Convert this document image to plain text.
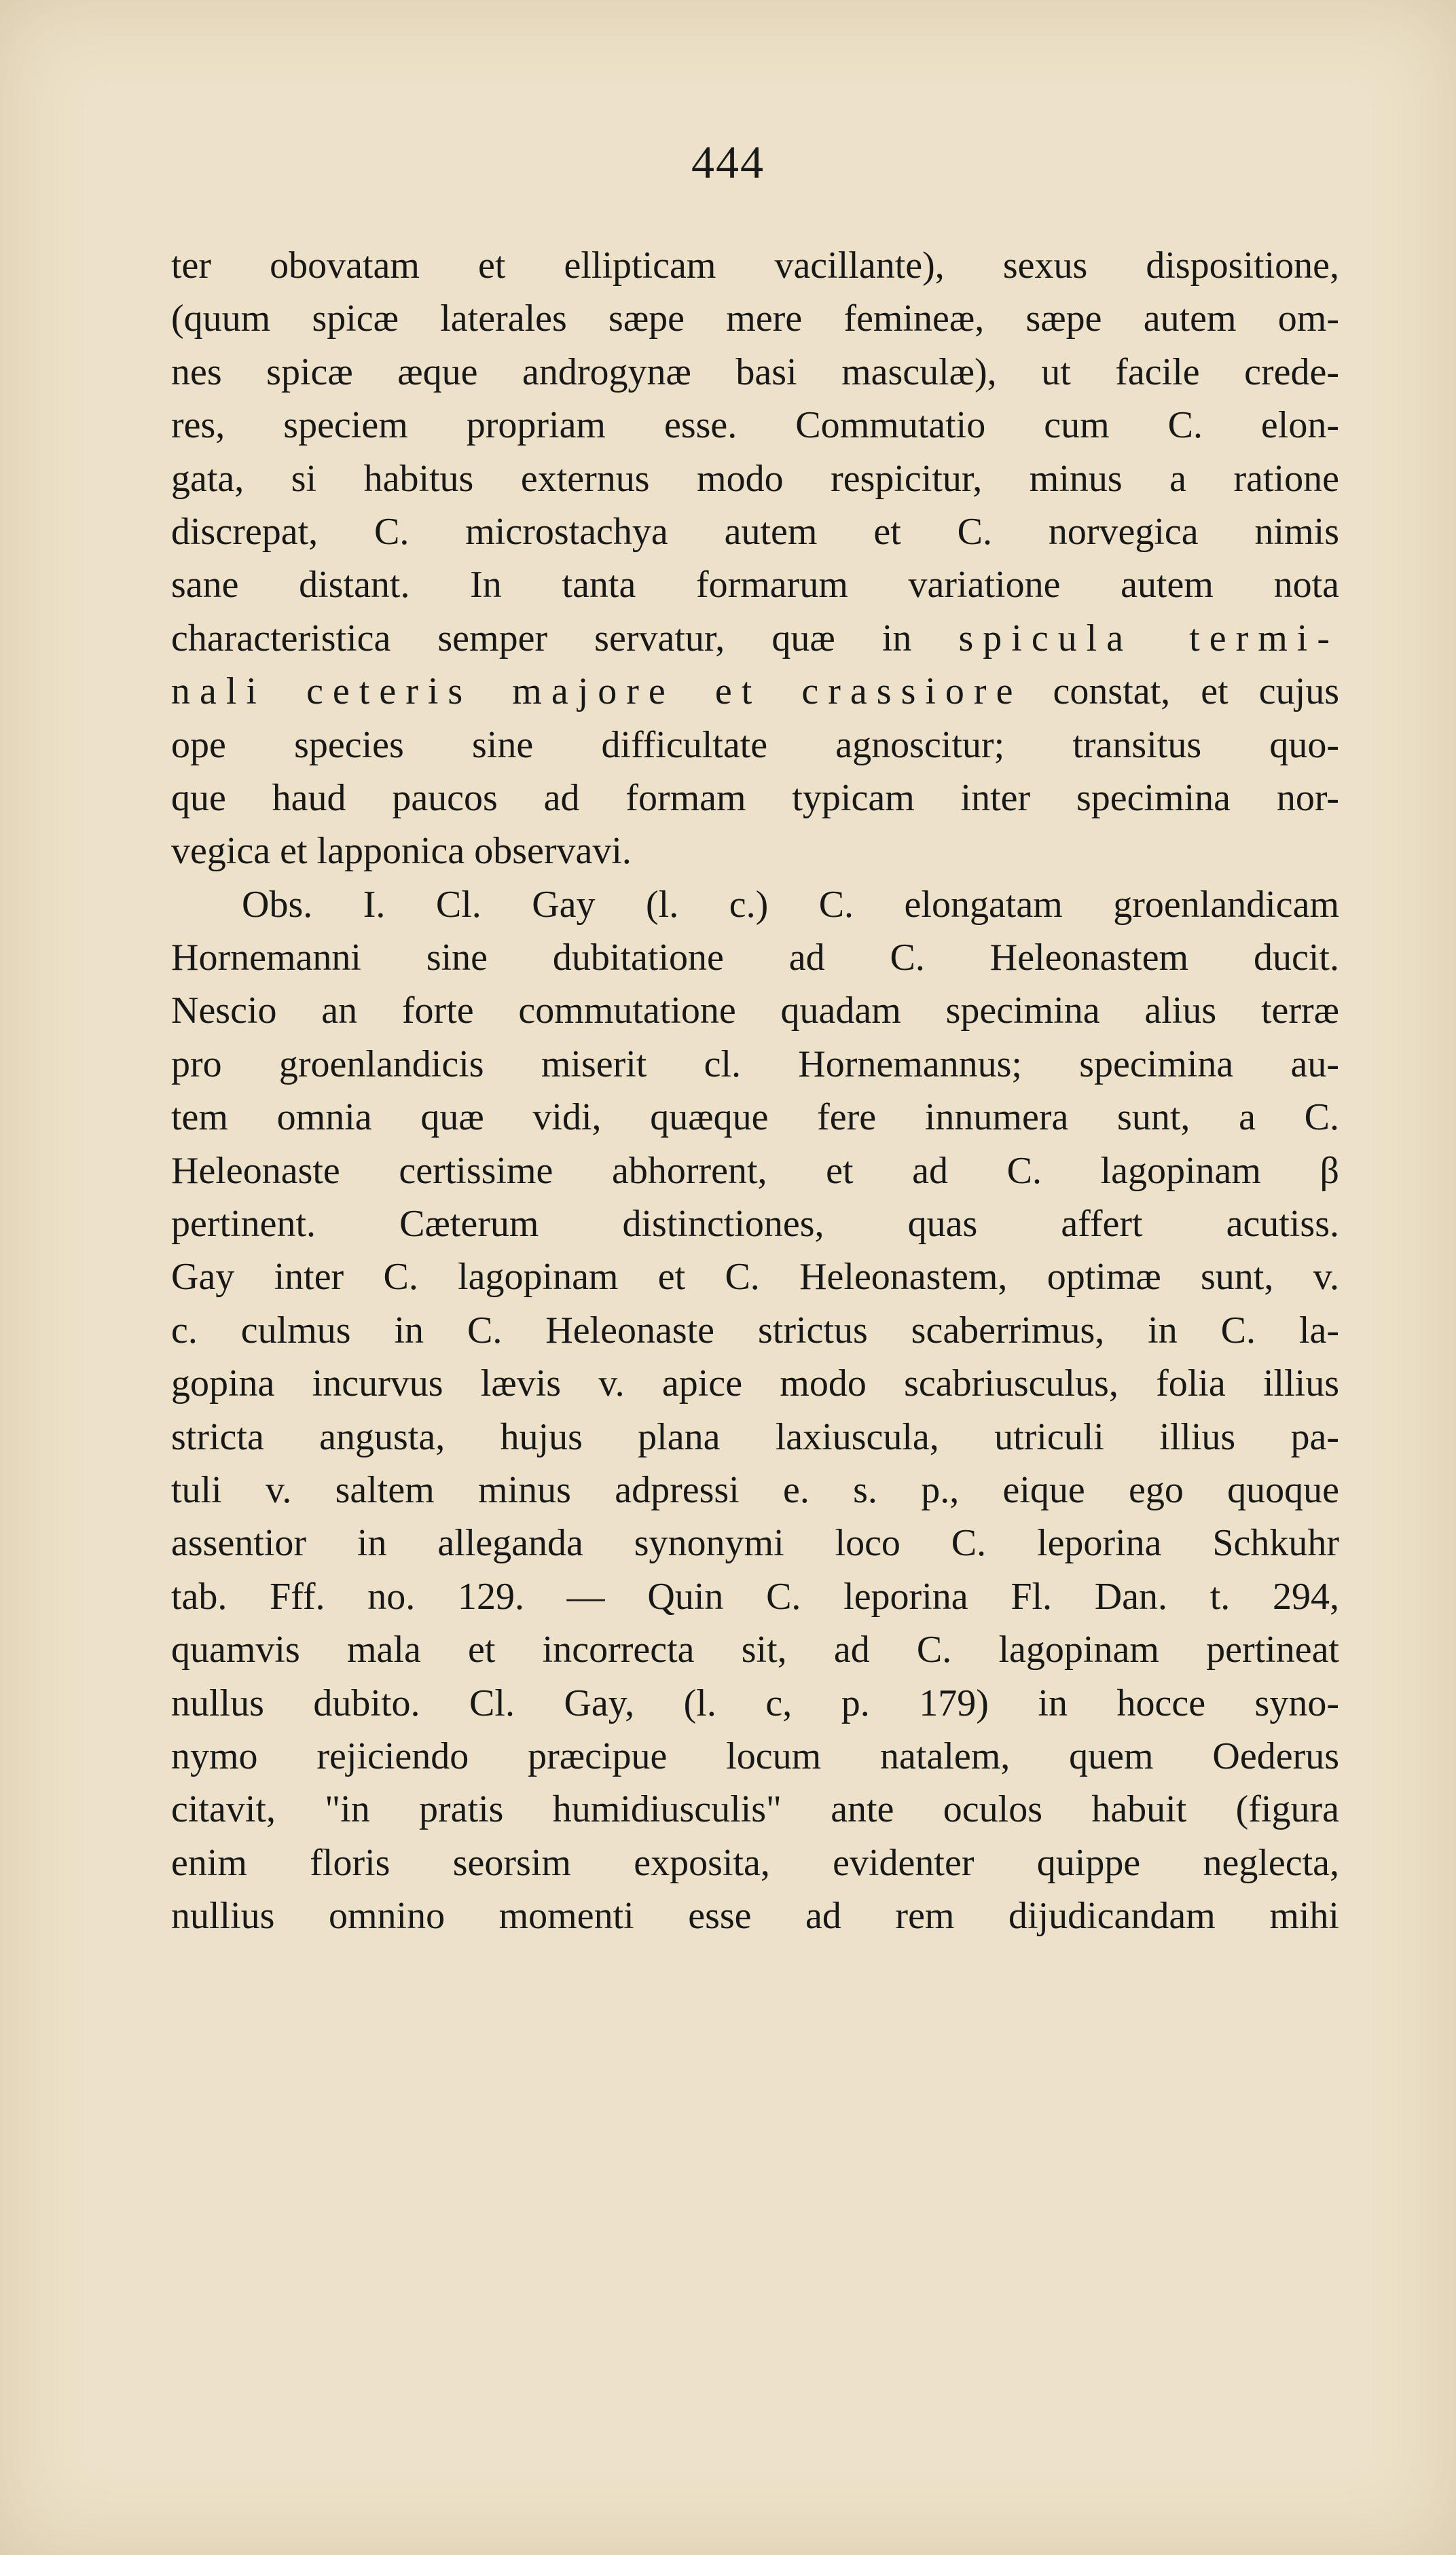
444
ter obovatam et ellipticam vacillante), sexus dispositione,
(quum spicæ laterales sæpe mere femineæ, sæpe autem om-
nes spicæ æque androgynæ basi masculæ), ut facile crede-
res, speciem propriam esse. Commutatio cum C. elon-
gata, si habitus externus modo respicitur, minus a ratione
discrepat, C. microstachya autem et C. norvegica nimis
sane distant. In tanta formarum variatione autem nota
characteristica semper servatur, quæ in spicula termi-
nali ceteris majore et crassiore constat, et cujus
ope species sine difficultate agnoscitur; transitus quo-
que haud paucos ad formam typicam inter specimina nor-
vegica et lapponica observavi.
Obs. I. Cl. Gay (l. c.) C. elongatam groenlandicam
Hornemanni sine dubitatione ad C. Heleonastem ducit.
Nescio an forte commutatione quadam specimina alius terræ
pro groenlandicis miserit cl. Hornemannus; specimina au-
tem omnia quæ vidi, quæque fere innumera sunt, a C.
Heleonaste certissime abhorrent, et ad C. lagopinam β
pertinent. Cæterum distinctiones, quas affert acutiss.
Gay inter C. lagopinam et C. Heleonastem, optimæ sunt, v.
c. culmus in C. Heleonaste strictus scaberrimus, in C. la-
gopina incurvus lævis v. apice modo scabriusculus, folia illius
stricta angusta, hujus plana laxiuscula, utriculi illius pa-
tuli v. saltem minus adpressi e. s. p., eique ego quoque
assentior in alleganda synonymi loco C. leporina Schkuhr
tab. Fff. no. 129. — Quin C. leporina Fl. Dan. t. 294,
quamvis mala et incorrecta sit, ad C. lagopinam pertineat
nullus dubito. Cl. Gay, (l. c, p. 179) in hocce syno-
nymo rejiciendo præcipue locum natalem, quem Oederus
citavit, "in pratis humidiusculis" ante oculos habuit (figura
enim floris seorsim exposita, evidenter quippe neglecta,
nullius omnino momenti esse ad rem dijudicandam mihi
